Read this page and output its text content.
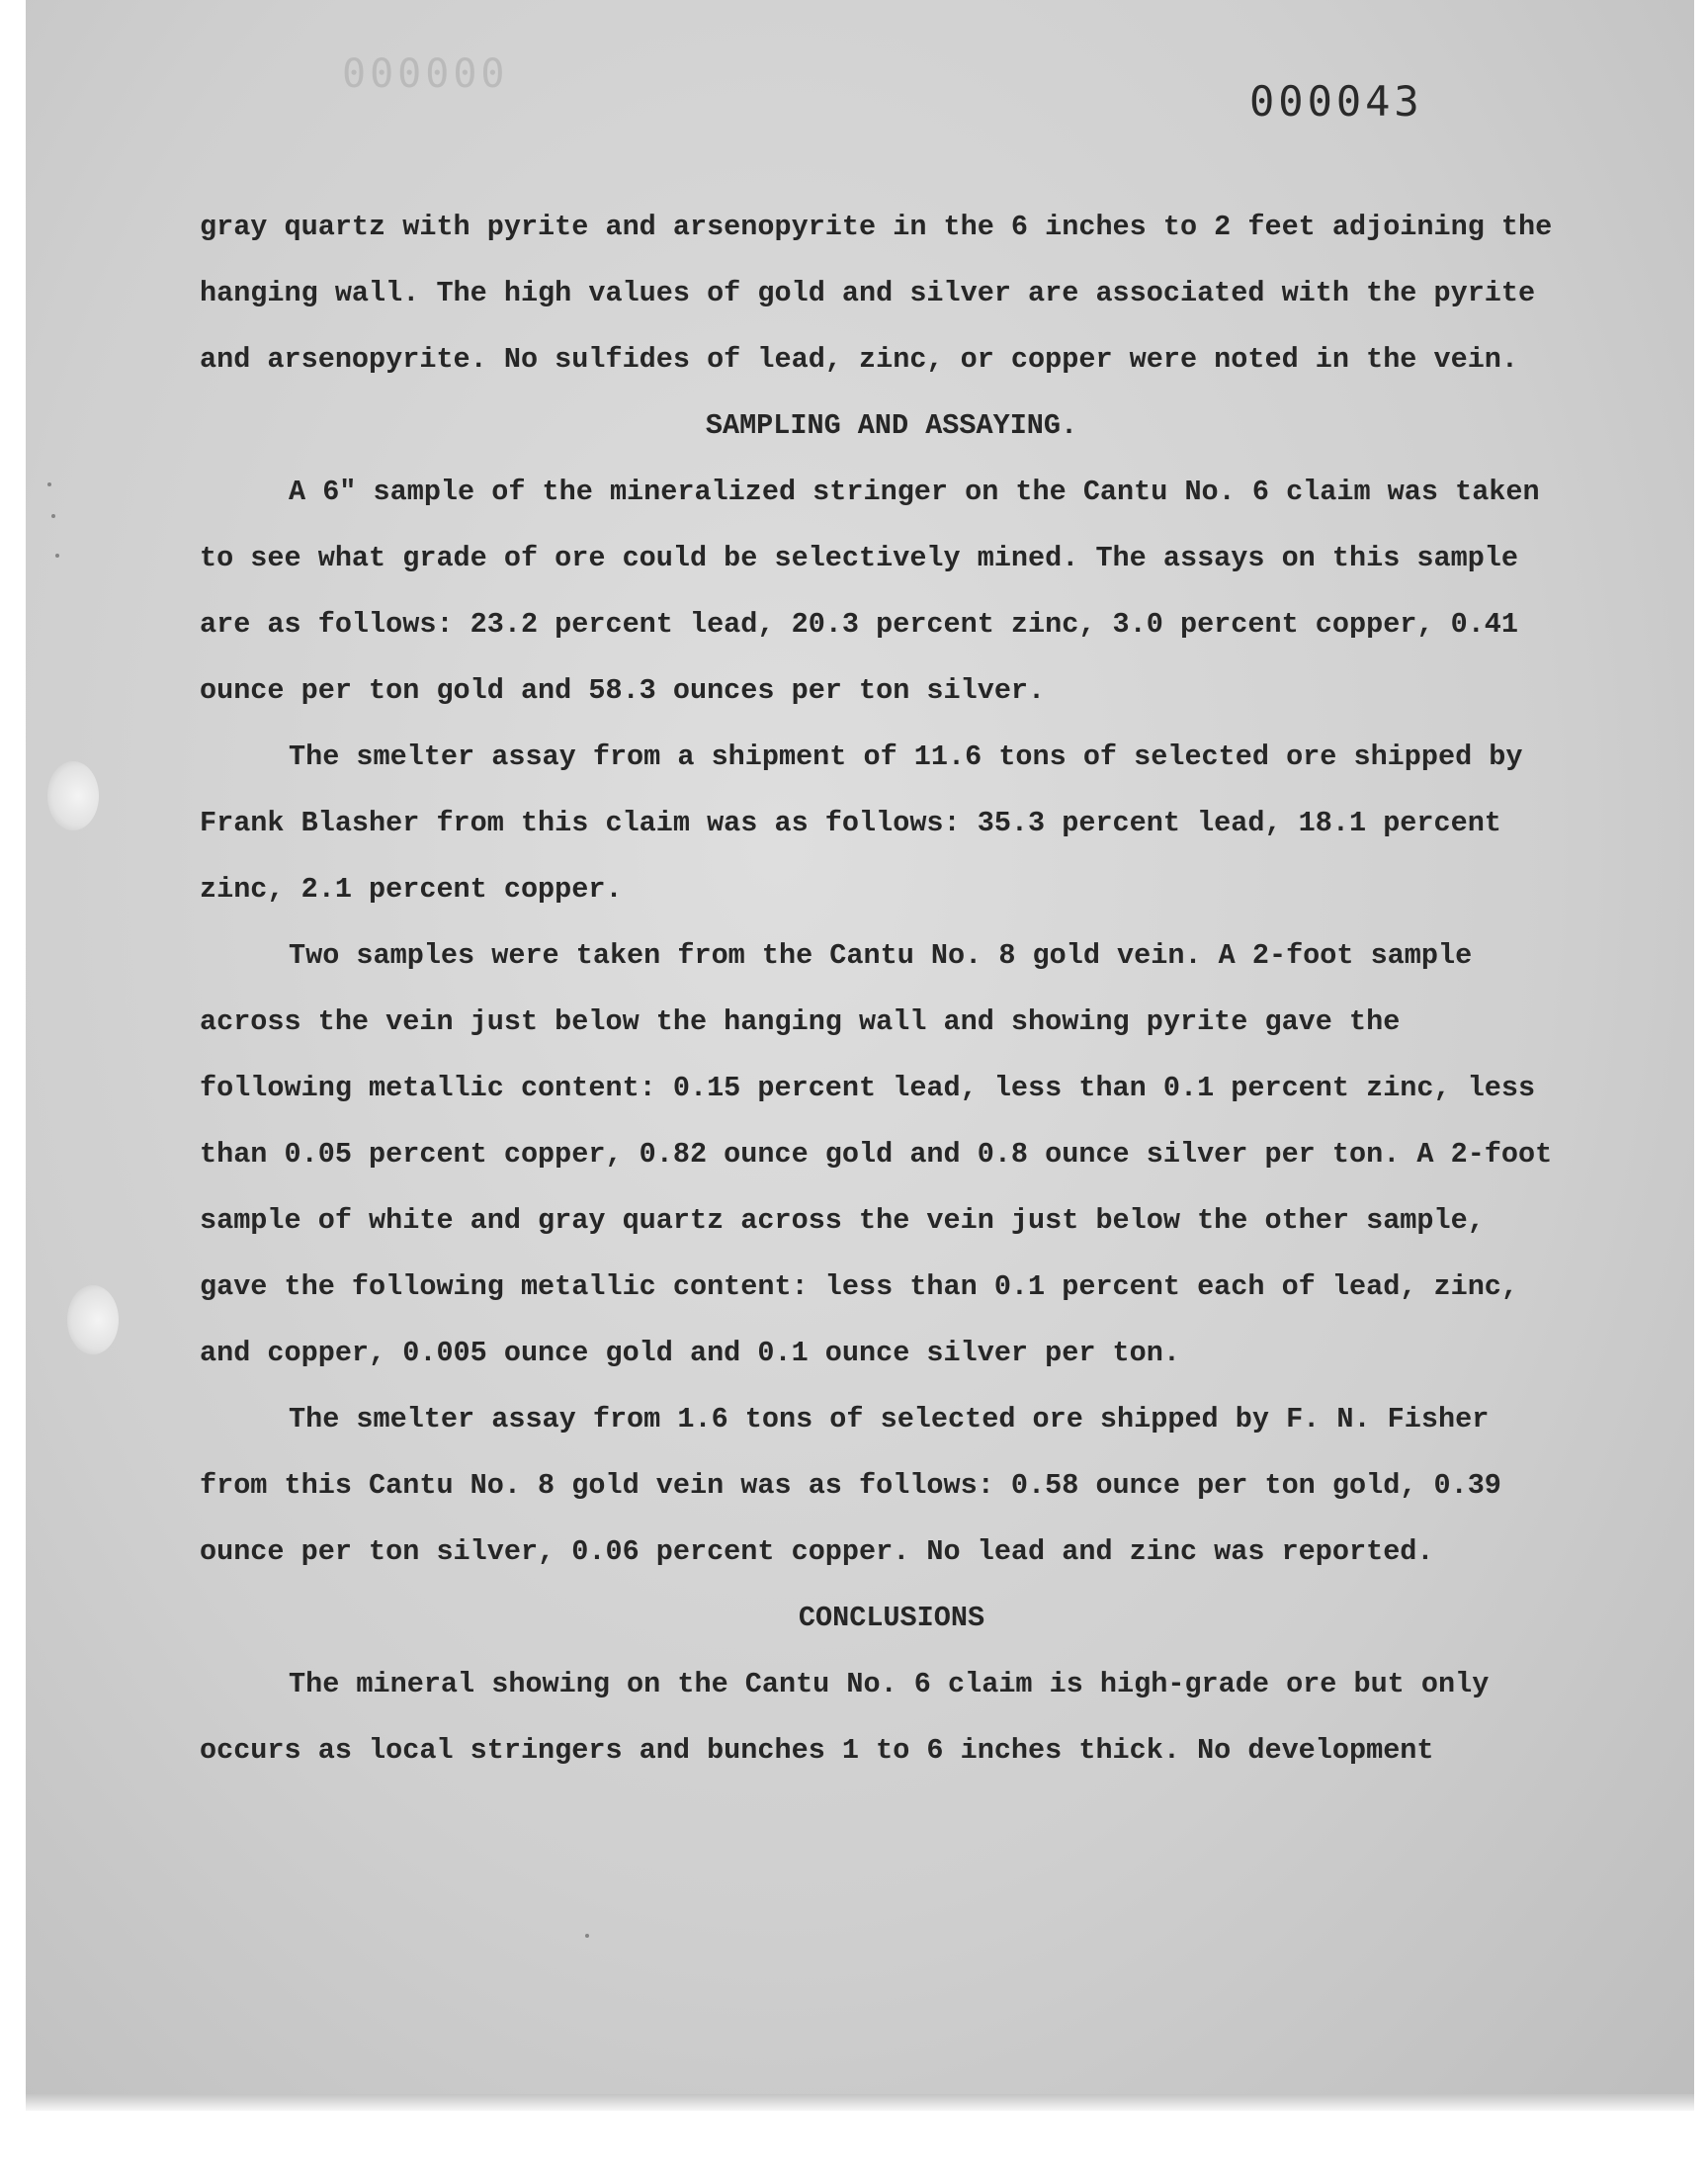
000000
000043

gray quartz with pyrite and arsenopyrite in the 6 inches to 2 feet adjoining the hanging wall. The high values of gold and silver are associated with the pyrite and arsenopyrite. No sulfides of lead, zinc, or copper were noted in the vein.

SAMPLING AND ASSAYING.

A 6" sample of the mineralized stringer on the Cantu No. 6 claim was taken to see what grade of ore could be selectively mined. The assays on this sample are as follows: 23.2 percent lead, 20.3 percent zinc, 3.0 percent copper, 0.41 ounce per ton gold and 58.3 ounces per ton silver.

The smelter assay from a shipment of 11.6 tons of selected ore shipped by Frank Blasher from this claim was as follows: 35.3 percent lead, 18.1 percent zinc, 2.1 percent copper.

Two samples were taken from the Cantu No. 8 gold vein. A 2-foot sample across the vein just below the hanging wall and showing pyrite gave the following metallic content: 0.15 percent lead, less than 0.1 percent zinc, less than 0.05 percent copper, 0.82 ounce gold and 0.8 ounce silver per ton. A 2-foot sample of white and gray quartz across the vein just below the other sample, gave the following metallic content: less than 0.1 percent each of lead, zinc, and copper, 0.005 ounce gold and 0.1 ounce silver per ton.

The smelter assay from 1.6 tons of selected ore shipped by F. N. Fisher from this Cantu No. 8 gold vein was as follows: 0.58 ounce per ton gold, 0.39 ounce per ton silver, 0.06 percent copper. No lead and zinc was reported.

CONCLUSIONS

The mineral showing on the Cantu No. 6 claim is high-grade ore but only occurs as local stringers and bunches 1 to 6 inches thick. No development
